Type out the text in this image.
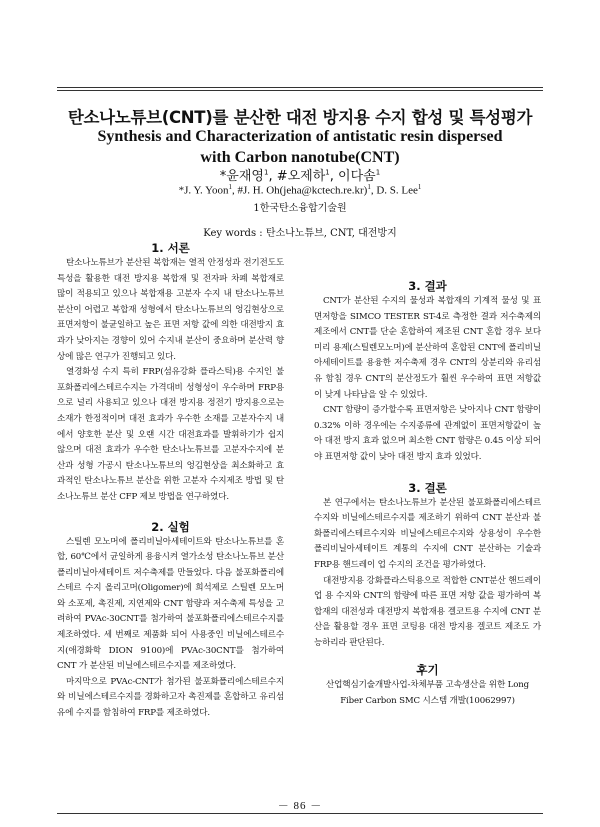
탄소나노튜브(CNT)를 분산한 대전 방지용 수지 합성 및 특성평가
Synthesis and Characterization of antistatic resin dispersed
with Carbon nanotube(CNT)
*윤재영$^1$, #오제하$^1$, 이다솜$^1$
*J. Y. Yoon$^1$, #J. H. Oh(jeha@kctech.re.kr)$^1$, D. S. Lee$^1$
1한국탄소융합기술원
Key words : 탄소나노튜브, CNT, 대전방지
1. 서론

탄소나노튜브가 분산된 복합재는 열적 안정성과 전기전도도 특성을 활용한 대전 방지용 복합재 및 전자파 차폐 복합재로 많이 적용되고 있으나 복합재용 고분자 수지 내 탄소나노튜브 분산이 어렵고 복합재 성형에서 탄소나노튜브의 엉김현상으로 표면저항이 불균일하고 높은 표면 저항 값에 의한 대전방지 효과가 낮아지는 경향이 있어 수지내 분산이 중요하며 분산력 향상에 많은 연구가 진행되고 있다.

열경화성 수지 특히 FRP(섬유강화 플라스틱)용 수지인 불포화폴리에스테르수지는 가격대비 성형성이 우수하며 FRP용으로 널리 사용되고 있으나 대전 방지용 정전기 방지용으로는 소재가 한정적이며 대전 효과가 우수한 소재를 고분자수지 내에서 양호한 분산 및 오랜 시간 대전효과를 발휘하기가 쉽지 않으며 대전 효과가 우수한 탄소나노튜브를 고분자수지에 분산과 성형 가공시 탄소나노튜브의 엉김현상을 최소화하고 효과적인 탄소나노튜브 분산을 위한 고분자 수지제조 방법 및 탄소나노튜브 분산 CFP 제보 방법을 연구하였다.

2. 실험

스틸렌 모노머에 폴리비닐아세테이트와 탄소나노튜브를 혼합, 60℃에서 균일하게 용융시켜 열가소성 탄소나노튜브 분산 폴리비닐아세테이트 저수축제를 만들었다. 다음 불포화폴리에스테르 수지 올리고머(Oligomer)에 희석제로 스틸렌 모노머와 소포제, 촉진제, 지연제와 CNT 함량과 저수축제 특성을 고려하여 PVAc-30CNT를 첨가하여 불포화폴리에스테르수지를 제조하였다. 세 번째로 제품화 되어 사용중인 비닐에스테르수지(애경화학 DION 9100)에 PVAc-30CNT를 첨가하여 CNT 가 분산된 비닐에스테르수지를 제조하였다.

마지막으로 PVAc-CNT가 첨가된 불포화폴리에스테르수지와 비닐에스테르수지를 경화하고자 촉진제를 혼합하고 유리섬유에 수지를 함침하여 FRP를 제조하였다.

3. 결과

CNT가 분산된 수지의 물성과 복합재의 기계적 물성 및 표면저항을 SIMCO TESTER ST-4로 측정한 결과 저수축제의 제조에서 CNT를 단순 혼합하여 제조된 CNT 혼합 경우 보다 미리 용제(스틸렌모노머)에 분산하여 혼합된 CNT에 폴리비닐아세테이트를 용융한 저수축제 경우 CNT의 상분리와 유리섬유 함침 경우 CNT의 분산정도가 훨씬 우수하여 표면 저항값이 낮게 나타남을 알 수 있었다.

CNT 함량이 증가할수록 표면저항은 낮아지나 CNT 함량이 0.32% 이하 경우에는 수지종류에 관계없이 표면저항값이 높아 대전 방지 효과 없으며 최소한 CNT 함량은 0.45 이상 되어야 표면저항 값이 낮아 대전 방지 효과 있었다.

3. 결론

본 연구에서는 탄소나노튜브가 분산된 불포화폴리에스테르수지와 비닐에스테르수지를 제조하기 위하여 CNT 분산과 불화폴리에스테르수지와 비닐에스테르수지와 상용성이 우수한 폴리비닐아세테이트 계통의 수지에 CNT 분산하는 기술과 FRP용 핸드레이 업 수지의 조건을 평가하였다.

대전방지용 강화플라스틱용으로 적합한 CNT분산 핸드레이업 용 수지와 CNT의 함량에 따른 표면 저항 값을 평가하여 복합재의 대전성과 대전방지 복합재용 겔코트용 수지에 CNT 분산을 활용할 경우 표면 코팅용 대전 방지용 겔코트 제조도 가능하리라 판단된다.

후기

산업핵심기술개발사업-차체부품 고속생산을 위한 Long Fiber Carbon SMC 시스템 개발(10062997)

－ 86 －
